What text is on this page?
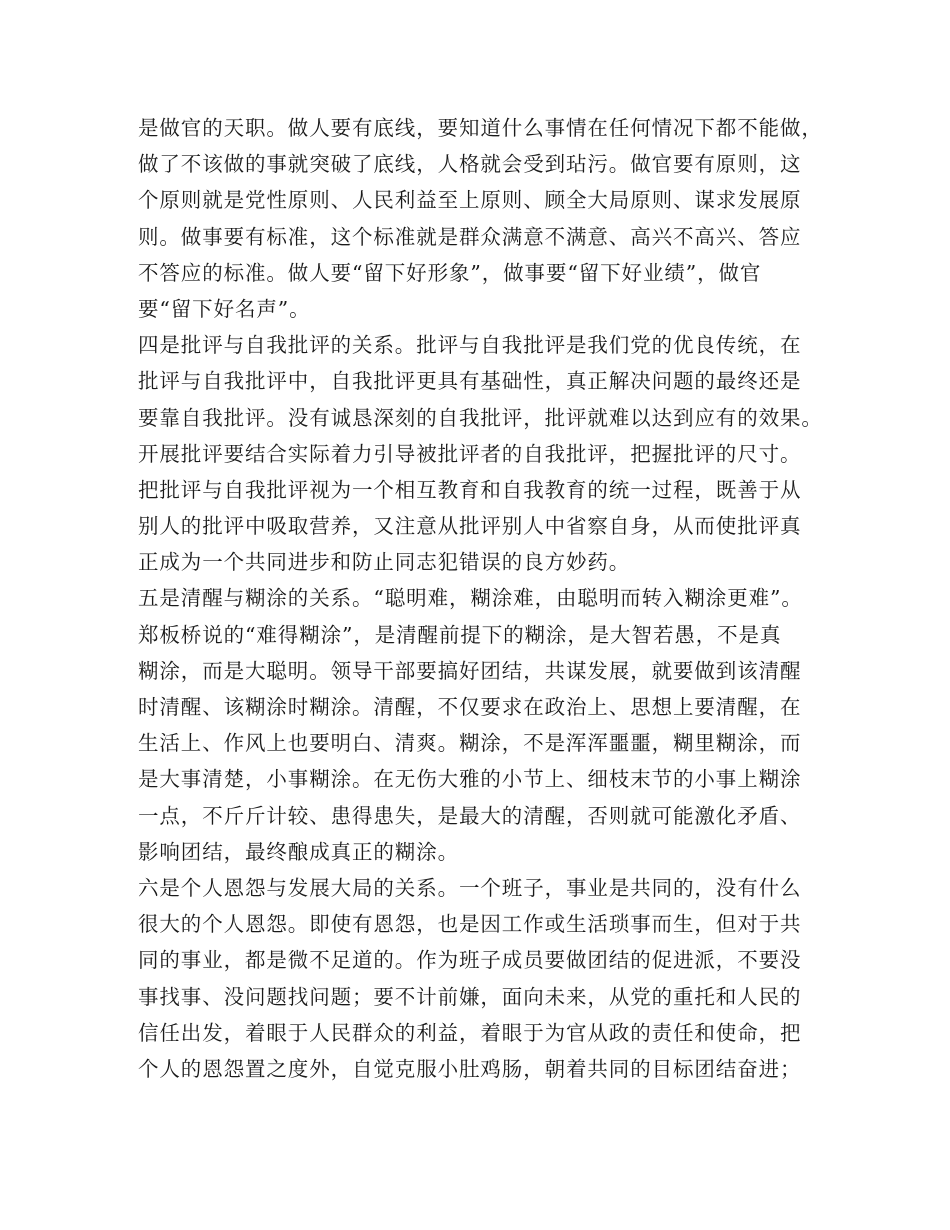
是做官的天职。做人要有底线，要知道什么事情在任何情况下都不能做，
做了不该做的事就突破了底线，人格就会受到玷污。做官要有原则，这
个原则就是党性原则、人民利益至上原则、顾全大局原则、谋求发展原
则。做事要有标准，这个标准就是群众满意不满意、高兴不高兴、答应
不答应的标准。做人要“留下好形象”，做事要“留下好业绩”，做官
要“留下好名声”。
四是批评与自我批评的关系。批评与自我批评是我们党的优良传统，在
批评与自我批评中，自我批评更具有基础性，真正解决问题的最终还是
要靠自我批评。没有诚恳深刻的自我批评，批评就难以达到应有的效果。
开展批评要结合实际着力引导被批评者的自我批评，把握批评的尺寸。
把批评与自我批评视为一个相互教育和自我教育的统一过程，既善于从
别人的批评中吸取营养，又注意从批评别人中省察自身，从而使批评真
正成为一个共同进步和防止同志犯错误的良方妙药。
五是清醒与糊涂的关系。“聪明难，糊涂难，由聪明而转入糊涂更难”。
郑板桥说的“难得糊涂”，是清醒前提下的糊涂，是大智若愚，不是真
糊涂，而是大聪明。领导干部要搞好团结，共谋发展，就要做到该清醒
时清醒、该糊涂时糊涂。清醒，不仅要求在政治上、思想上要清醒，在
生活上、作风上也要明白、清爽。糊涂，不是浑浑噩噩，糊里糊涂，而
是大事清楚，小事糊涂。在无伤大雅的小节上、细枝末节的小事上糊涂
一点，不斤斤计较、患得患失，是最大的清醒，否则就可能激化矛盾、
影响团结，最终酿成真正的糊涂。
六是个人恩怨与发展大局的关系。一个班子，事业是共同的，没有什么
很大的个人恩怨。即使有恩怨，也是因工作或生活琐事而生，但对于共
同的事业，都是微不足道的。作为班子成员要做团结的促进派，不要没
事找事、没问题找问题；要不计前嫌，面向未来，从党的重托和人民的
信任出发，着眼于人民群众的利益，着眼于为官从政的责任和使命，把
个人的恩怨置之度外，自觉克服小肚鸡肠，朝着共同的目标团结奋进；
